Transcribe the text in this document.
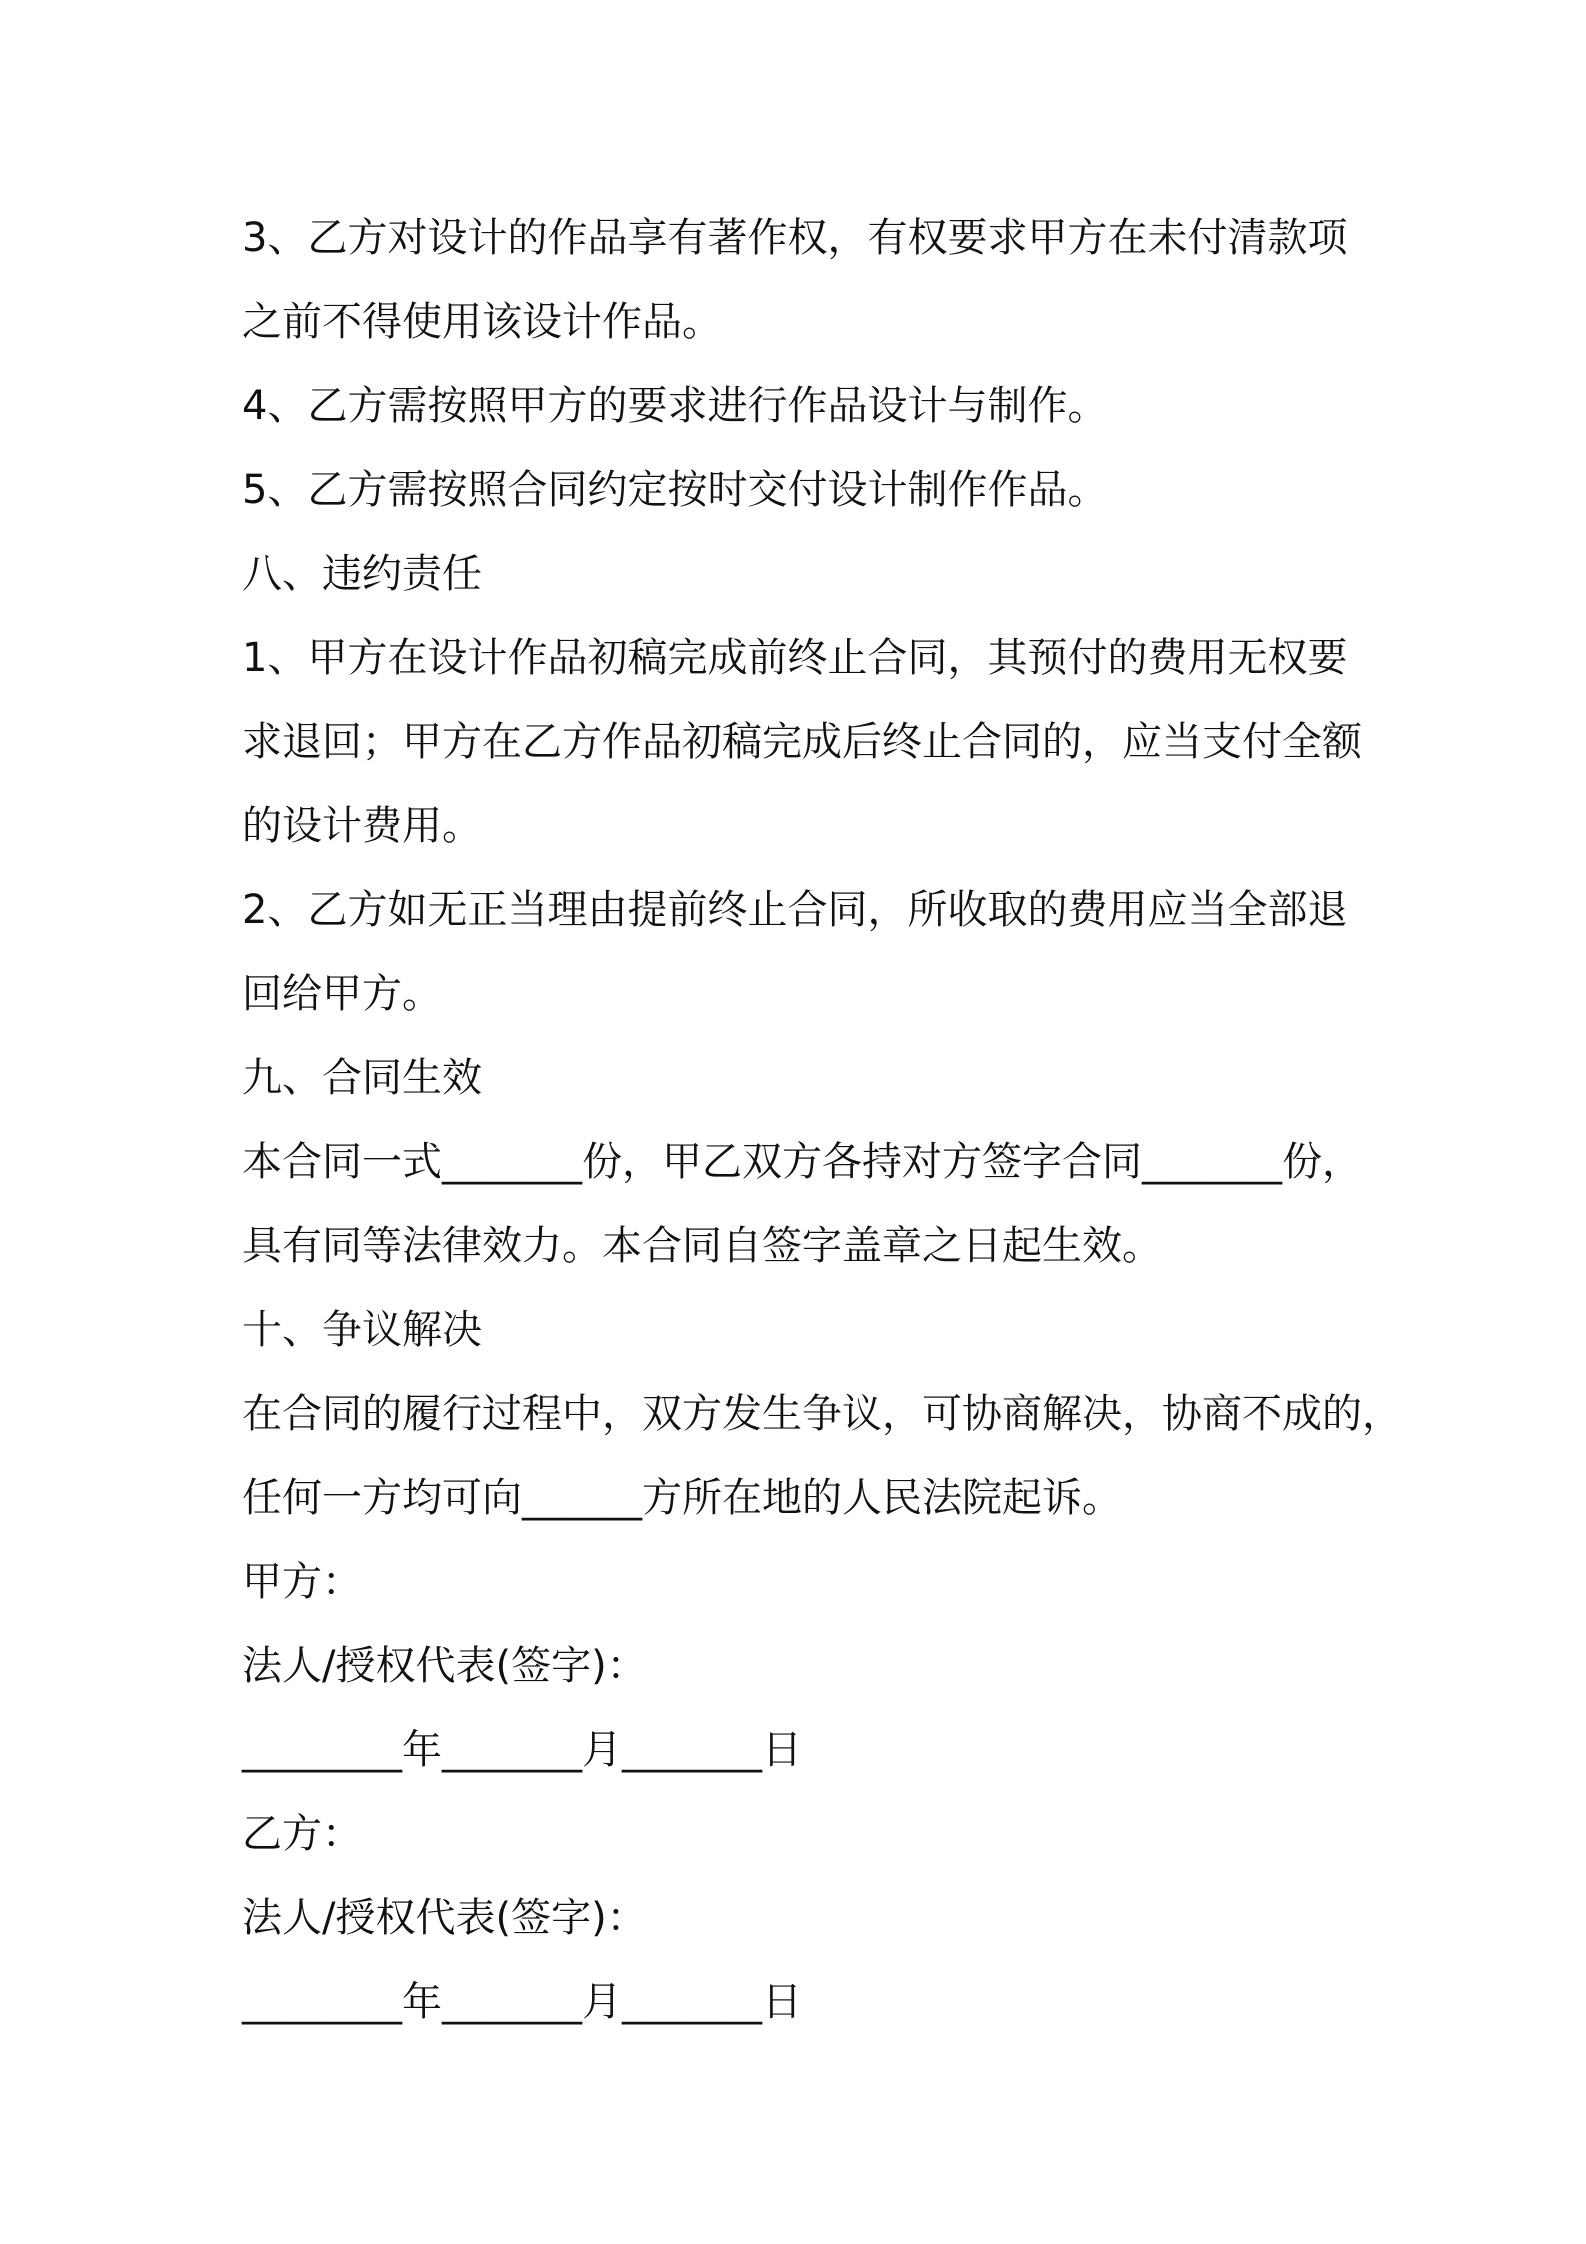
3、乙方对设计的作品享有著作权，有权要求甲方在未付清款项
之前不得使用该设计作品。
4、乙方需按照甲方的要求进行作品设计与制作。
5、乙方需按照合同约定按时交付设计制作作品。
八、违约责任
1、甲方在设计作品初稿完成前终止合同，其预付的费用无权要
求退回；甲方在乙方作品初稿完成后终止合同的，应当支付全额
的设计费用。
2、乙方如无正当理由提前终止合同，所收取的费用应当全部退
回给甲方。
九、合同生效
本合同一式_______份，甲乙双方各持对方签字合同_______份，
具有同等法律效力。本合同自签字盖章之日起生效。
十、争议解决
在合同的履行过程中，双方发生争议，可协商解决，协商不成的，
任何一方均可向______方所在地的人民法院起诉。
甲方：
法人/授权代表(签字)：
________年_______月_______日
乙方：
法人/授权代表(签字)：
________年_______月_______日
